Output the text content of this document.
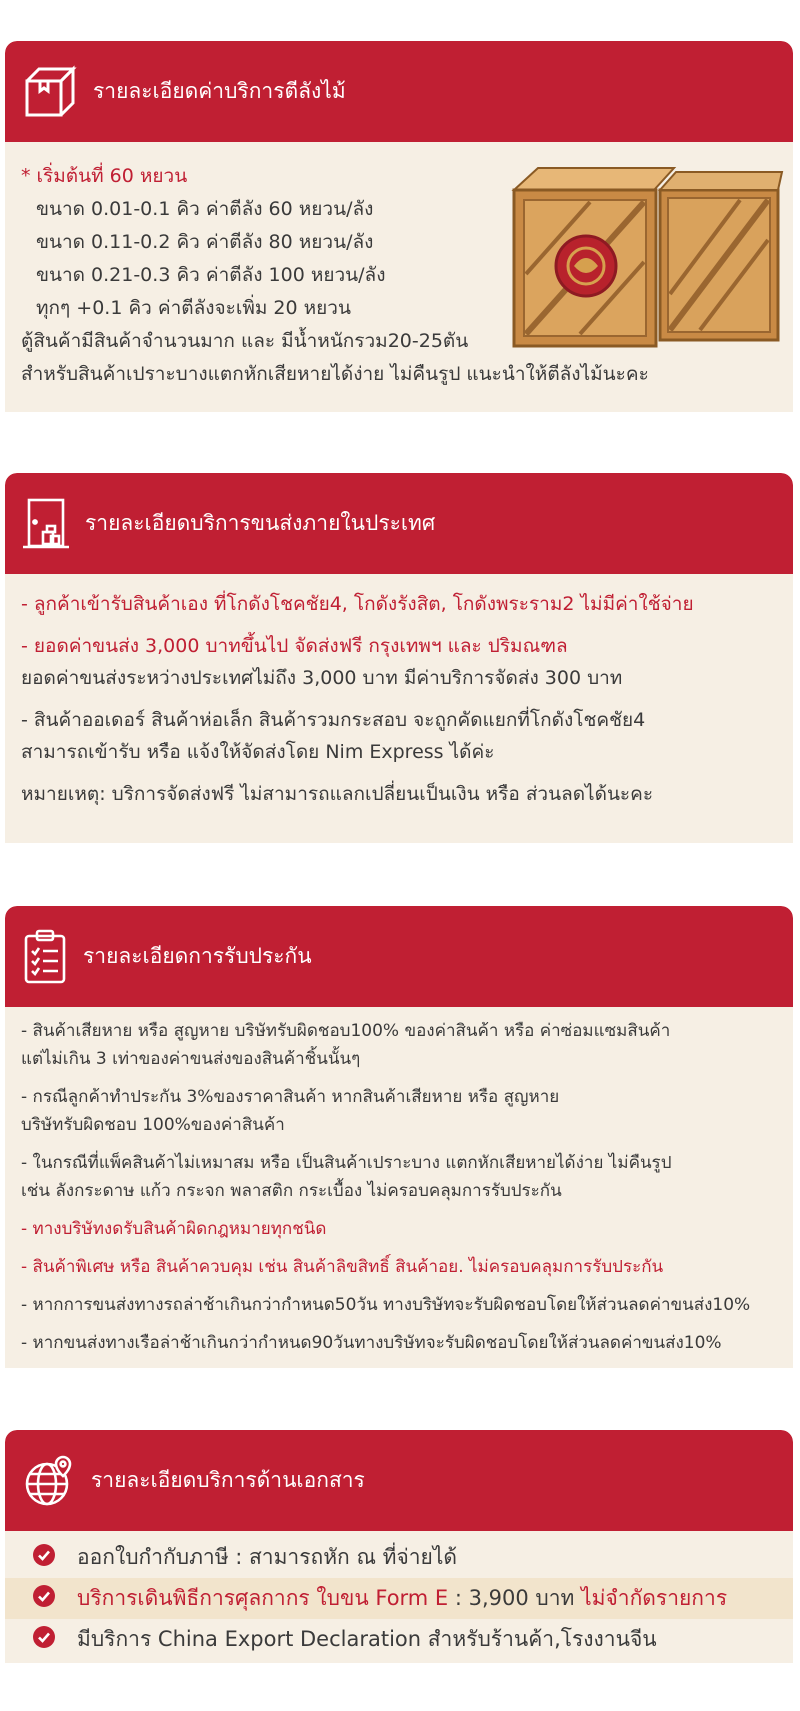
รายละเอียดค่าบริการตีลังไม้

* เริ่มต้นที่ 60 หยวน

ขนาด 0.01-0.1 คิว ค่าตีลัง 60 หยวน/ลัง

ขนาด 0.11-0.2 คิว ค่าตีลัง 80 หยวน/ลัง

ขนาด 0.21-0.3 คิว ค่าตีลัง 100 หยวน/ลัง

ทุกๆ +0.1 คิว ค่าตีลังจะเพิ่ม 20 หยวน

ตู้สินค้ามีสินค้าจำนวนมาก และ มีน้ำหนักรวม20-25ตัน

สำหรับสินค้าเปราะบางแตกหักเสียหายได้ง่าย ไม่คืนรูป แนะนำให้ตีลังไม้นะคะ

รายละเอียดบริการขนส่งภายในประเทศ

- ลูกค้าเข้ารับสินค้าเอง ที่โกดังโชคชัย4, โกดังรังสิต, โกดังพระราม2 ไม่มีค่าใช้จ่าย

- ยอดค่าขนส่ง 3,000 บาทขึ้นไป จัดส่งฟรี กรุงเทพฯ และ ปริมณฑล

ยอดค่าขนส่งระหว่างประเทศไม่ถึง 3,000 บาท มีค่าบริการจัดส่ง 300 บาท

- สินค้าออเดอร์ สินค้าห่อเล็ก สินค้ารวมกระสอบ จะถูกคัดแยกที่โกดังโชคชัย4

สามารถเข้ารับ หรือ แจ้งให้จัดส่งโดย Nim Express ได้ค่ะ

หมายเหตุ: บริการจัดส่งฟรี ไม่สามารถแลกเปลี่ยนเป็นเงิน หรือ ส่วนลดได้นะคะ

รายละเอียดการรับประกัน

- สินค้าเสียหาย หรือ สูญหาย บริษัทรับผิดชอบ100% ของค่าสินค้า หรือ ค่าซ่อมแซมสินค้า

แต่ไม่เกิน 3 เท่าของค่าขนส่งของสินค้าชิ้นนั้นๆ

- กรณีลูกค้าทำประกัน 3%ของราคาสินค้า หากสินค้าเสียหาย หรือ สูญหาย

บริษัทรับผิดชอบ 100%ของค่าสินค้า

- ในกรณีที่แพ็คสินค้าไม่เหมาสม หรือ เป็นสินค้าเปราะบาง แตกหักเสียหายได้ง่าย ไม่คืนรูป

เช่น ลังกระดาษ แก้ว กระจก พลาสติก กระเบื้อง ไม่ครอบคลุมการรับประกัน

- ทางบริษัทงดรับสินค้าผิดกฎหมายทุกชนิด

- สินค้าพิเศษ หรือ สินค้าควบคุม เช่น สินค้าลิขสิทธิ์ สินค้าอย. ไม่ครอบคลุมการรับประกัน

- หากการขนส่งทางรถล่าช้าเกินกว่ากำหนด50วัน ทางบริษัทจะรับผิดชอบโดยให้ส่วนลดค่าขนส่ง10%

- หากขนส่งทางเรือล่าช้าเกินกว่ากำหนด90วันทางบริษัทจะรับผิดชอบโดยให้ส่วนลดค่าขนส่ง10%

รายละเอียดบริการด้านเอกสาร
ออกใบกำกับภาษี : สามารถหัก ณ ที่จ่ายได้
บริการเดินพิธีการศุลกากร ใบขน Form E : 3,900 บาท ไม่จำกัดรายการ
มีบริการ China Export Declaration สำหรับร้านค้า,โรงงานจีน
